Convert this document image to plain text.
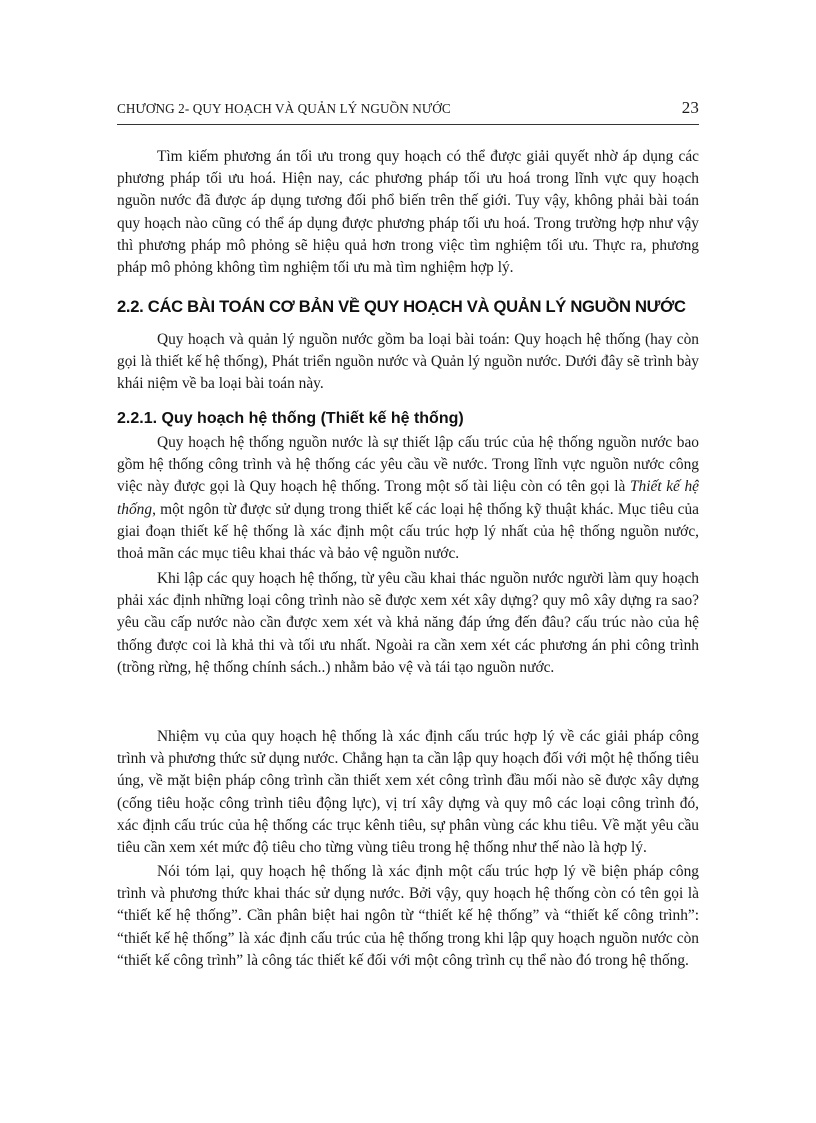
CHƯƠNG 2- QUY HOẠCH VÀ QUẢN LÝ NGUỒN NƯỚC	23

Tìm kiếm phương án tối ưu trong quy hoạch có thể được giải quyết nhờ áp dụng các phương pháp tối ưu hoá. Hiện nay, các phương pháp tối ưu hoá trong lĩnh vực quy hoạch nguồn nước đã được áp dụng tương đối phổ biến trên thế giới. Tuy vậy, không phải bài toán quy hoạch nào cũng có thể áp dụng được phương pháp tối ưu hoá. Trong trường hợp như vậy thì phương pháp mô phỏng sẽ hiệu quả hơn trong việc tìm nghiệm tối ưu. Thực ra, phương pháp mô phỏng không tìm nghiệm tối ưu mà tìm nghiệm hợp lý.

2.2. CÁC BÀI TOÁN CƠ BẢN VỀ QUY HOẠCH VÀ QUẢN LÝ NGUỒN NƯỚC

Quy hoạch và quản lý nguồn nước gồm ba loại bài toán: Quy hoạch hệ thống (hay còn gọi là thiết kế hệ thống), Phát triển nguồn nước và Quản lý nguồn nước. Dưới đây sẽ trình bày khái niệm về ba loại bài toán này.

2.2.1. Quy hoạch hệ thống (Thiết kế hệ thống)

Quy hoạch hệ thống nguồn nước là sự thiết lập cấu trúc của hệ thống nguồn nước bao gồm hệ thống công trình và hệ thống các yêu cầu về nước. Trong lĩnh vực nguồn nước công việc này được gọi là Quy hoạch hệ thống. Trong một số tài liệu còn có tên gọi là Thiết kế hệ thống, một ngôn từ được sử dụng trong thiết kế các loại hệ thống kỹ thuật khác. Mục tiêu của giai đoạn thiết kế hệ thống là xác định một cấu trúc hợp lý nhất của hệ thống nguồn nước, thoả mãn các mục tiêu khai thác và bảo vệ nguồn nước.

Khi lập các quy hoạch hệ thống, từ yêu cầu khai thác nguồn nước người làm quy hoạch phải xác định những loại công trình nào sẽ được xem xét xây dựng? quy mô xây dựng ra sao? yêu cầu cấp nước nào cần được xem xét và khả năng đáp ứng đến đâu? cấu trúc nào của hệ thống được coi là khả thi và tối ưu nhất. Ngoài ra cần xem xét các phương án phi công trình (trồng rừng, hệ thống chính sách..) nhằm bảo vệ và tái tạo nguồn nước.

Nhiệm vụ của quy hoạch hệ thống là xác định cấu trúc hợp lý về các giải pháp công trình và phương thức sử dụng nước. Chẳng hạn ta cần lập quy hoạch đối với một hệ thống tiêu úng, về mặt biện pháp công trình cần thiết xem xét công trình đầu mối nào sẽ được xây dựng (cống tiêu hoặc công trình tiêu động lực), vị trí xây dựng và quy mô các loại công trình đó, xác định cấu trúc của hệ thống các trục kênh tiêu, sự phân vùng các khu tiêu. Về mặt yêu cầu tiêu cần xem xét mức độ tiêu cho từng vùng tiêu trong hệ thống như thế nào là hợp lý.

Nói tóm lại, quy hoạch hệ thống là xác định một cấu trúc hợp lý về biện pháp công trình và phương thức khai thác sử dụng nước. Bởi vậy, quy hoạch hệ thống còn có tên gọi là “thiết kế hệ thống”. Cần phân biệt hai ngôn từ “thiết kế hệ thống” và “thiết kế công trình”: “thiết kế hệ thống” là xác định cấu trúc của hệ thống trong khi lập quy hoạch nguồn nước còn “thiết kế công trình” là công tác thiết kế đối với một công trình cụ thể nào đó trong hệ thống.
